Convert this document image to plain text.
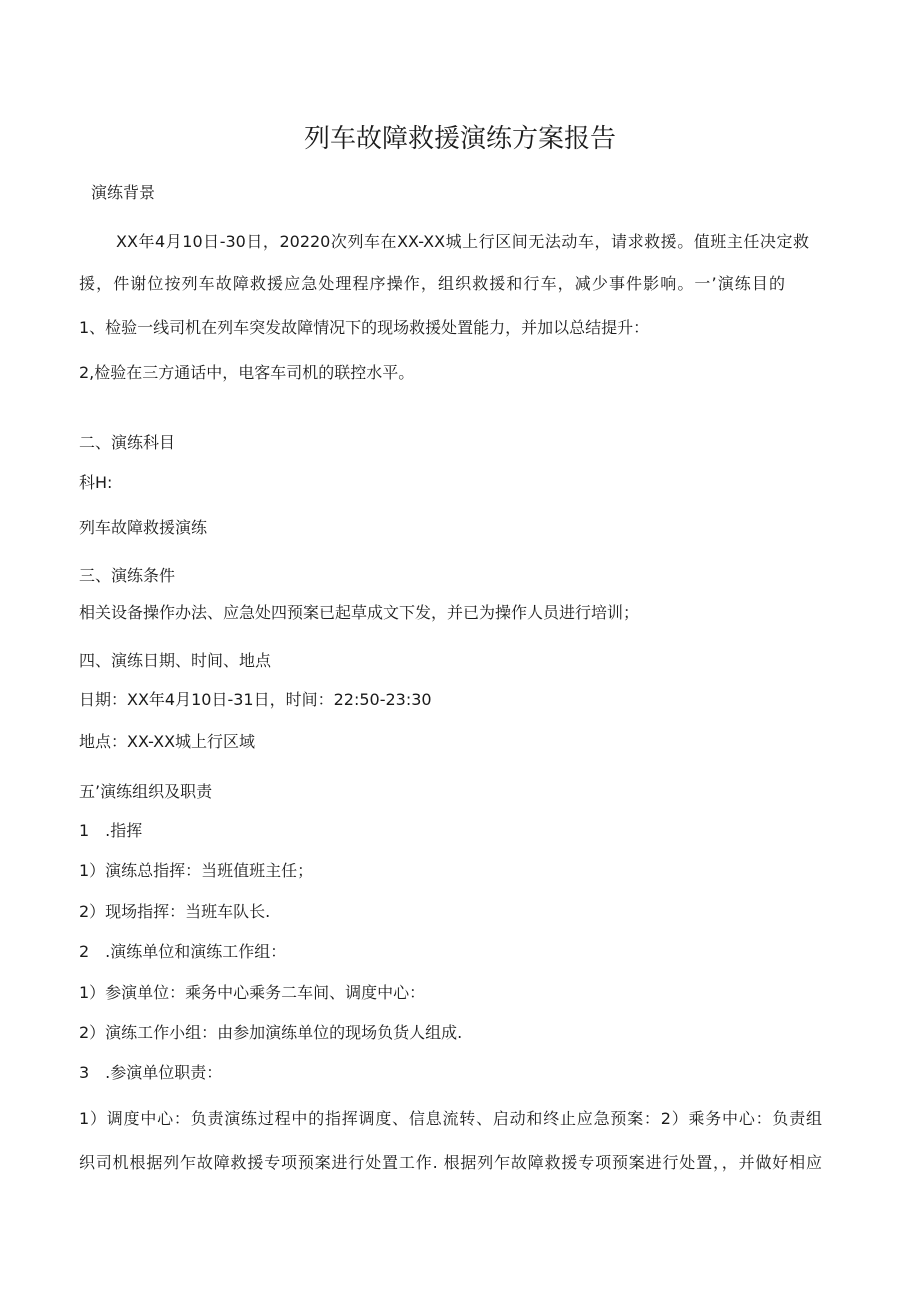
列车故障救援演练方案报告

演练背景

XX年4月10日-30日，20220次列车在XX-XX城上行区间无法动车，请求救援。值班主任决定救

援，件谢位按列车故障救援应急处理程序操作，组织救援和行车，减少事件影响。一’演练目的

1、检验一线司机在列车突发故障情况下的现场救援处置能力，并加以总结提升：

2,检验在三方通话中，电客车司机的联控水平。

二、演练科目

科H:

列车故障救援演练

三、演练条件

相关设备操作办法、应急处四预案已起草成文下发，并已为操作人员进行培训；

四、演练日期、时间、地点

日期：XX年4月10日-31日，时间：22:50-23:30

地点：XX-XX城上行区域

五’演练组织及职责

1　.指挥

1）演练总指挥：当班值班主任；

2）现场指挥：当班车队长.

2　.演练单位和演练工作组：

1）参演单位：乘务中心乘务二车间、调度中心：

2）演练工作小组：由参加演练单位的现场负货人组成.

3　.参演单位职责：

1）调度中心：负责演练过程中的指挥调度、信息流转、启动和终止应急预案：2）乘务中心：负责组

织司机根据列乍故障救援专项预案进行处置工作. 根据列乍故障救援专项预案进行处置，，并做好相应
